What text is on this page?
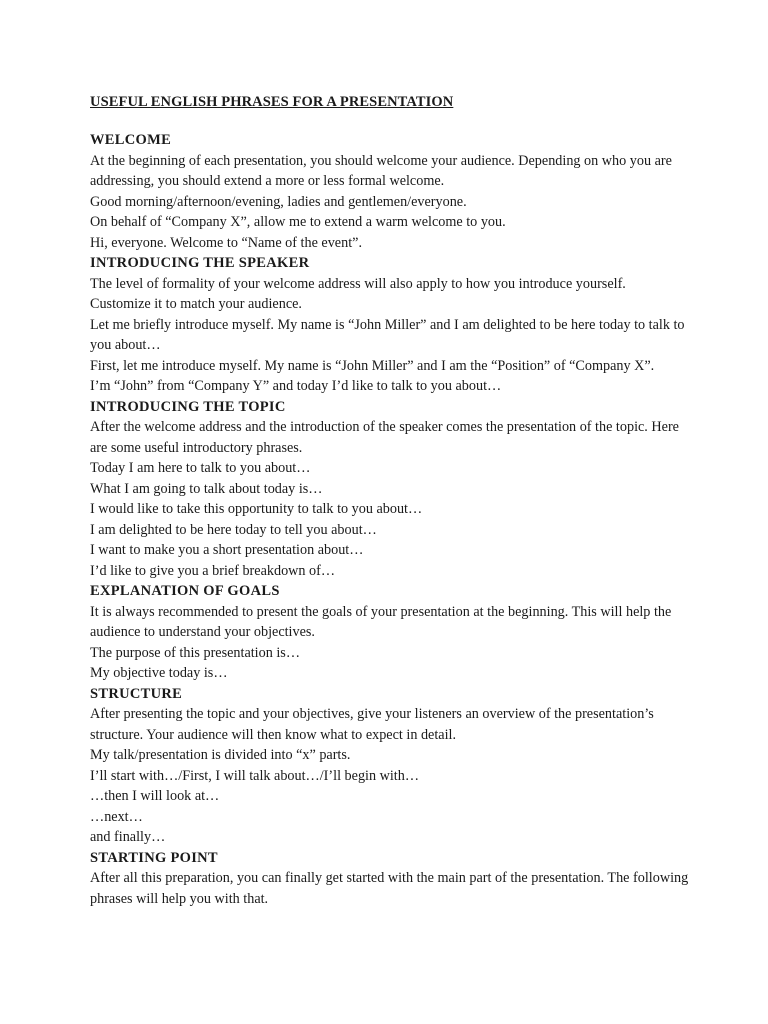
USEFUL ENGLISH PHRASES FOR A PRESENTATION
WELCOME

At the beginning of each presentation, you should welcome your audience. Depending on who you are addressing, you should extend a more or less formal welcome.

Good morning/afternoon/evening, ladies and gentlemen/everyone.

On behalf of “Company X”, allow me to extend a warm welcome to you.

Hi, everyone. Welcome to “Name of the event”.

INTRODUCING THE SPEAKER

The level of formality of your welcome address will also apply to how you introduce yourself. Customize it to match your audience.

Let me briefly introduce myself. My name is “John Miller” and I am delighted to be here today to talk to you about…

First, let me introduce myself. My name is “John Miller” and I am the “Position” of “Company X”.

I’m “John” from “Company Y” and today I’d like to talk to you about…

INTRODUCING THE TOPIC

After the welcome address and the introduction of the speaker comes the presentation of the topic. Here are some useful introductory phrases.

Today I am here to talk to you about…

What I am going to talk about today is…

I would like to take this opportunity to talk to you about…

I am delighted to be here today to tell you about…

I want to make you a short presentation about…

I’d like to give you a brief breakdown of…

EXPLANATION OF GOALS

It is always recommended to present the goals of your presentation at the beginning. This will help the audience to understand your objectives.

The purpose of this presentation is…

My objective today is…

STRUCTURE

After presenting the topic and your objectives, give your listeners an overview of the presentation’s structure. Your audience will then know what to expect in detail.

My talk/presentation is divided into “x” parts.

I’ll start with…/First, I will talk about…/I’ll begin with…

…then I will look at…

…next…

and finally…

STARTING POINT

After all this preparation, you can finally get started with the main part of the presentation. The following phrases will help you with that.
